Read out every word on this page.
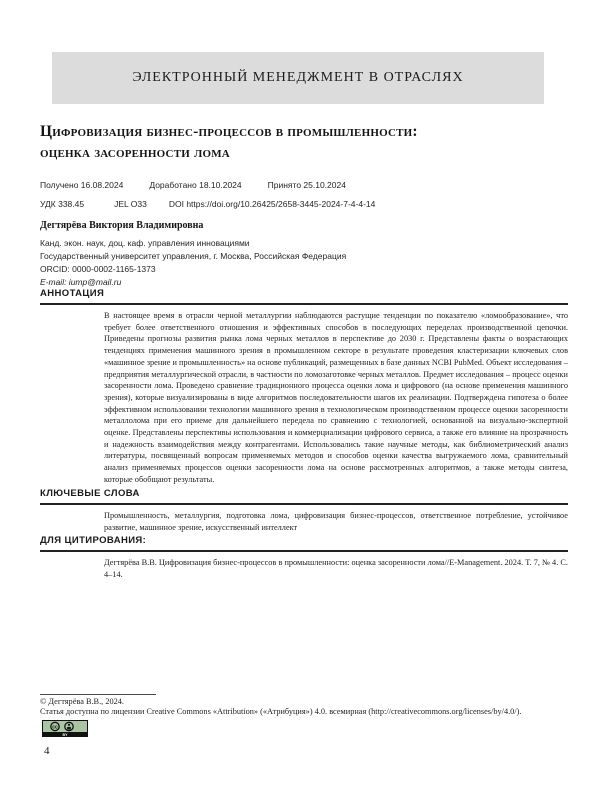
ЭЛЕКТРОННЫЙ МЕНЕДЖМЕНТ В ОТРАСЛЯХ
Цифровизация бизнес-процессов в промышленности:
оценка засоренности лома
Получено 16.08.2024	Доработано 18.10.2024	Принято 25.10.2024
УДК 338.45	JEL O33	DOI https://doi.org/10.26425/2658-3445-2024-7-4-4-14
Дегтярёва Виктория Владимировна
Канд. экон. наук, доц. каф. управления инновациями
Государственный университет управления, г. Москва, Российская Федерация
ORCID: 0000-0002-1165-1373
E-mail: iump@mail.ru
АННОТАЦИЯ
В настоящее время в отрасли черной металлургии наблюдаются растущие тенденции по показателю «ломообразование», что требует более ответственного отношения и эффективных способов в последующих переделах производственной цепочки. Приведены прогнозы развития рынка лома черных металлов в перспективе до 2030 г. Представлены факты о возрастающих тенденциях применения машинного зрения в промышленном секторе в результате проведения кластеризации ключевых слов «машинное зрение и промышленность» на основе публикаций, размещенных в базе данных NCBI PubMed. Объект исследования – предприятия металлургической отрасли, в частности по ломозаготовке черных металлов. Предмет исследования – процесс оценки засоренности лома. Проведено сравнение традиционного процесса оценки лома и цифрового (на основе применения машинного зрения), которые визуализированы в виде алгоритмов последовательности шагов их реализации. Подтверждена гипотеза о более эффективном использовании технологии машинного зрения в технологическом производственном процессе оценки засоренности металлолома при его приеме для дальнейшего передела по сравнению с технологией, основанной на визуально-экспертной оценке. Представлены перспективы использования и коммерциализации цифрового сервиса, а также его влияние на прозрачность и надежность взаимодействия между контрагентами. Использовались такие научные методы, как библиометрический анализ литературы, посвященный вопросам применяемых методов и способов оценки качества выгружаемого лома, сравнительный анализ применяемых процессов оценки засоренности лома на основе рассмотренных алгоритмов, а также методы синтеза, которые обобщают результаты.
КЛЮЧЕВЫЕ СЛОВА
Промышленность, металлургия, подготовка лома, цифровизация бизнес-процессов, ответственное потребление, устойчивое развитие, машинное зрение, искусственный интеллект
ДЛЯ ЦИТИРОВАНИЯ:
Дегтярёва В.В. Цифровизация бизнес-процессов в промышленности: оценка засоренности лома//E-Management. 2024. Т. 7, № 4. С. 4–14.
© Дегтярёва В.В., 2024.
Статья доступна по лицензии Creative Commons «Attribution» («Атрибуция») 4.0. всемирная (http://creativecommons.org/licenses/by/4.0/).
cc
BY
4
